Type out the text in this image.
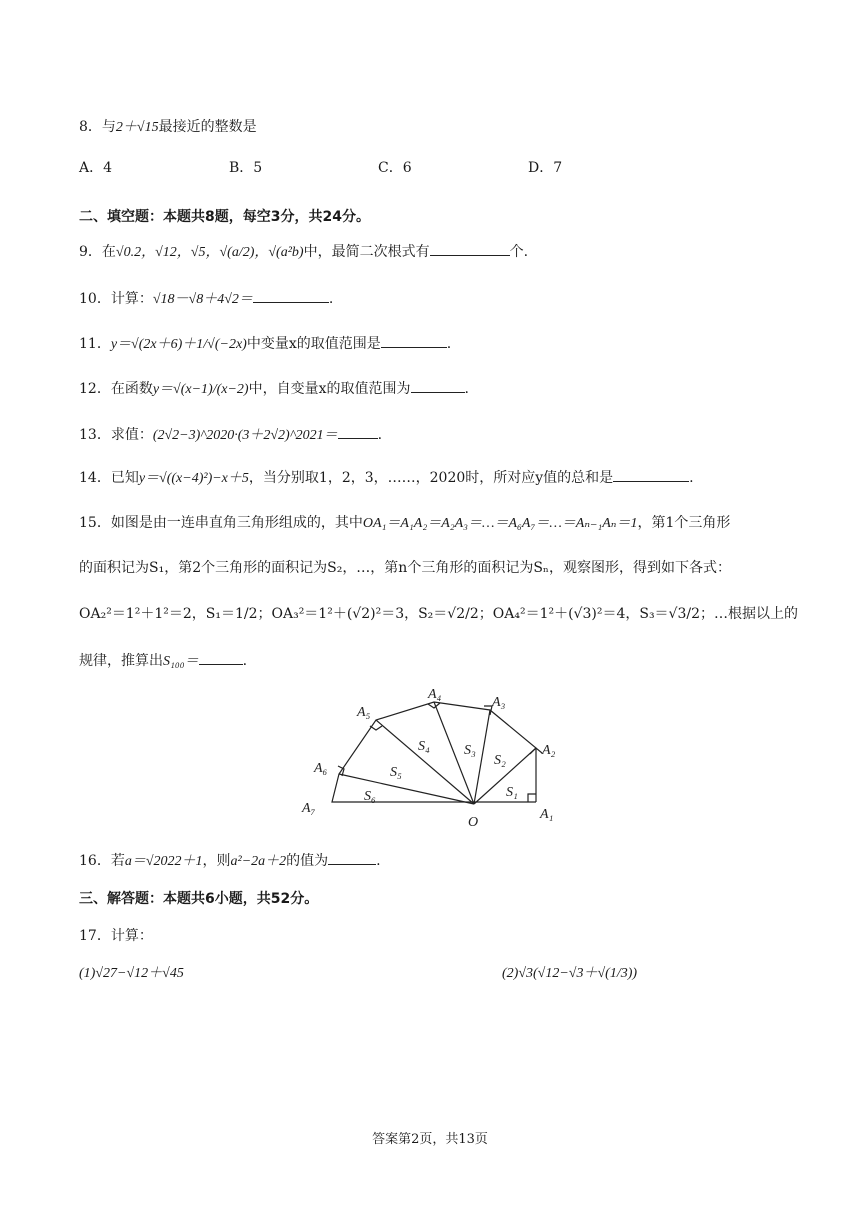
8．与2＋√15最接近的整数是
A．4	B．5	C．6	D．7
二、填空题：本题共8题，每空3分，共24分。
9．在√0.2，√12，√5，√(a/2)，√(a²b)中，最简二次根式有	个.
10．计算：√18－√8＋4√2＝	.
11．y＝√(2x＋6)＋1/√(−2x)中变量x的取值范围是	.
12．在函数y＝√(x−1)/(x−2)中，自变量x的取值范围为	.
13．求值：(2√2−3)^2020·(3＋2√2)^2021＝	.
14．已知y＝√((x−4)²)−x＋5，当分别取1，2，3，……，2020时，所对应y值的总和是	.
15．如图是由一连串直角三角形组成的，其中OA₁＝A₁A₂＝A₂A₃＝…＝A₆A₇＝…＝Aₙ₋₁Aₙ＝1，第1个三角形
的面积记为S₁，第2个三角形的面积记为S₂，…，第n个三角形的面积记为Sₙ，观察图形，得到如下各式：
OA₂²＝1²＋1²＝2，S₁＝1/2；OA₃²＝1²＋(√2)²＝3，S₂＝√2/2；OA₄²＝1²＋(√3)²＝4，S₃＝√3/2；…根据以上的
规律，推算出S₁₀₀＝	.
A₁
A₂
A₃
A₄
A₅
A₆
A₇
O
S₁
S₂
S₃
S₄
S₅
S₆
16．若a＝√2022＋1，则a²−2a＋2的值为	.
三、解答题：本题共6小题，共52分。
17．计算：
(1)√27−√12＋√45	(2)√3(√12−√3＋√(1/3))
答案第2页，共13页
